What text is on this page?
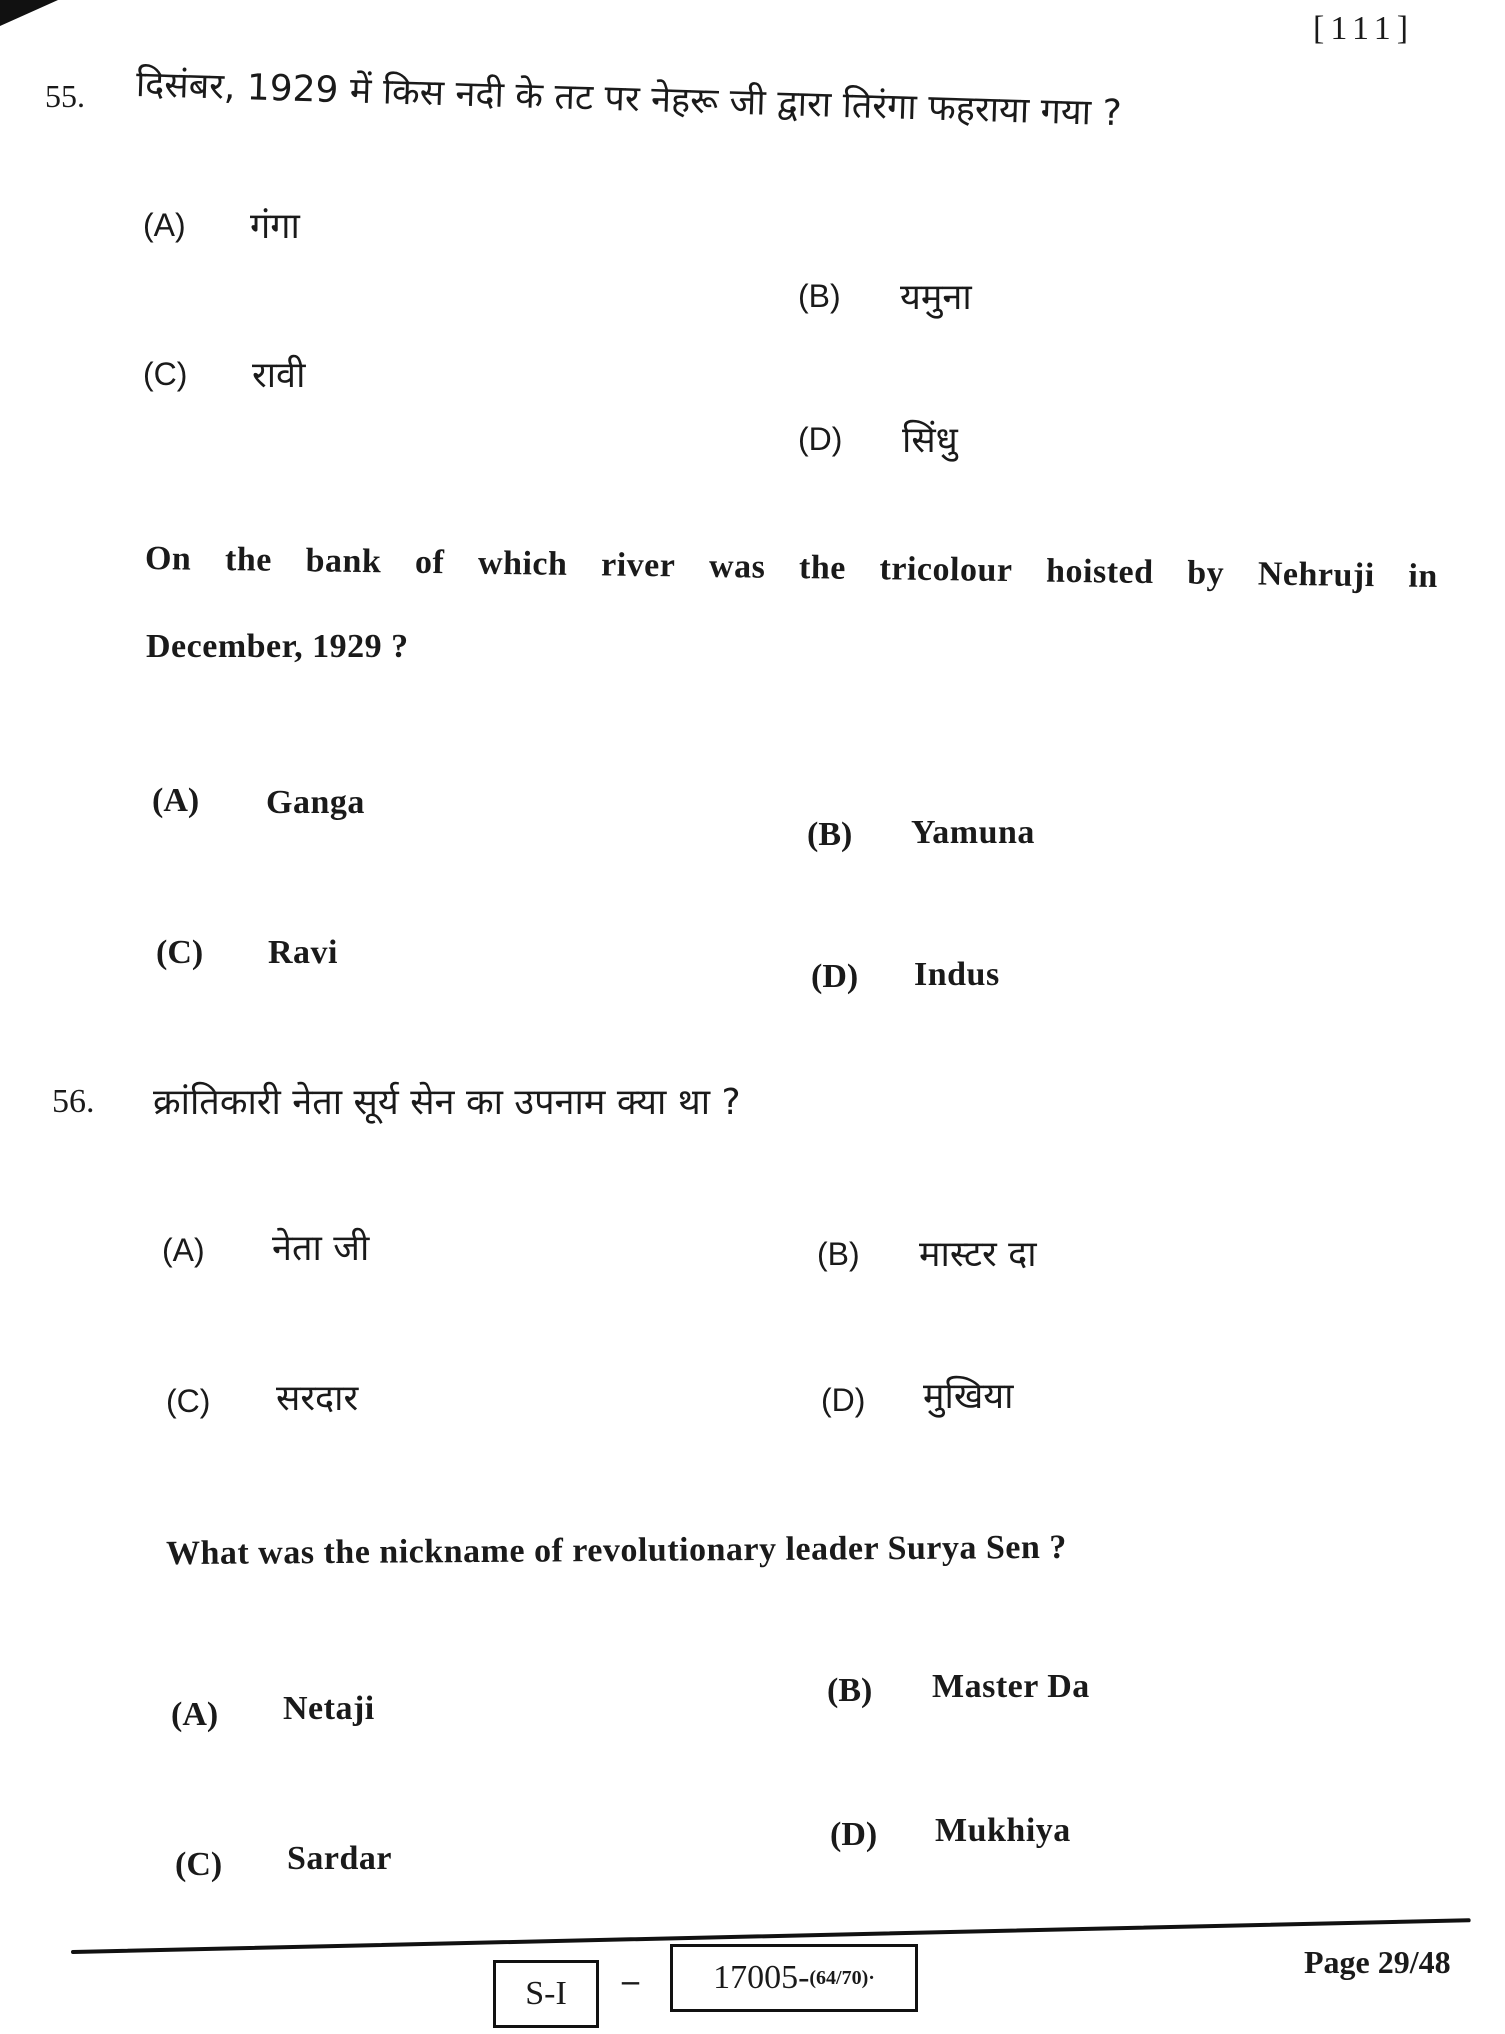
[111]
55. दिसंबर, 1929 में किस नदी के तट पर नेहरू जी द्वारा तिरंगा फहराया गया ?
(A) गंगा
(B) यमुना
(C) रावी
(D) सिंधु
On the bank of which river was the tricolour hoisted by Nehruji in
December, 1929 ?
(A) Ganga
(B) Yamuna
(C) Ravi
(D) Indus
56. क्रांतिकारी नेता सूर्य सेन का उपनाम क्या था ?
(A) नेता जी	(B) मास्टर दा
(C) सरदार	(D) मुखिया
What was the nickname of revolutionary leader Surya Sen ?
(A) Netaji	(B) Master Da
(C) Sardar
(D) Mukhiya
S-I – 17005- (64/70)·	Page 29/48
